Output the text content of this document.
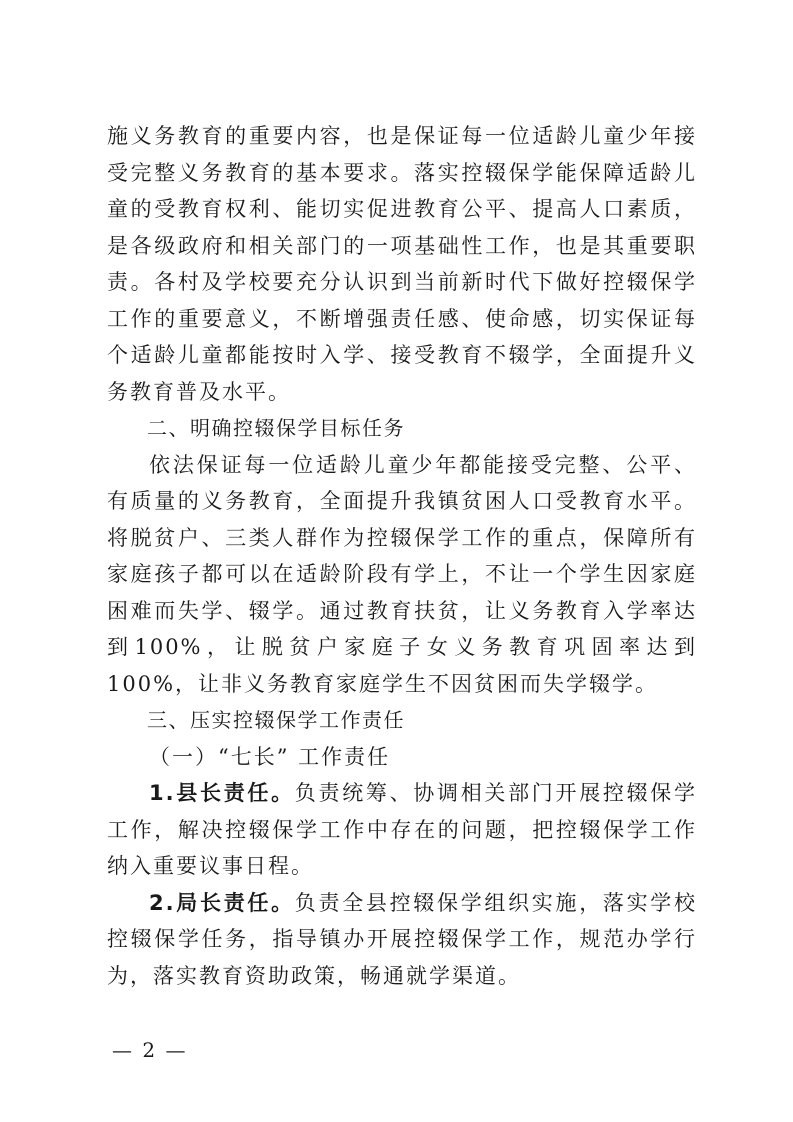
施义务教育的重要内容，也是保证每一位适龄儿童少年接受完整义务教育的基本要求。落实控辍保学能保障适龄儿童的受教育权利、能切实促进教育公平、提高人口素质，是各级政府和相关部门的一项基础性工作，也是其重要职责。各村及学校要充分认识到当前新时代下做好控辍保学工作的重要意义，不断增强责任感、使命感，切实保证每个适龄儿童都能按时入学、接受教育不辍学，全面提升义务教育普及水平。

二、明确控辍保学目标任务

依法保证每一位适龄儿童少年都能接受完整、公平、有质量的义务教育，全面提升我镇贫困人口受教育水平。将脱贫户、三类人群作为控辍保学工作的重点，保障所有家庭孩子都可以在适龄阶段有学上，不让一个学生因家庭困难而失学、辍学。通过教育扶贫，让义务教育入学率达到100%，让脱贫户家庭子女义务教育巩固率达到100%，让非义务教育家庭学生不因贫困而失学辍学。

三、压实控辍保学工作责任

（一）“七长” 工作责任

1.县长责任。负责统筹、协调相关部门开展控辍保学工作，解决控辍保学工作中存在的问题，把控辍保学工作纳入重要议事日程。

2.局长责任。负责全县控辍保学组织实施，落实学校控辍保学任务，指导镇办开展控辍保学工作，规范办学行为，落实教育资助政策，畅通就学渠道。

— 2 —
